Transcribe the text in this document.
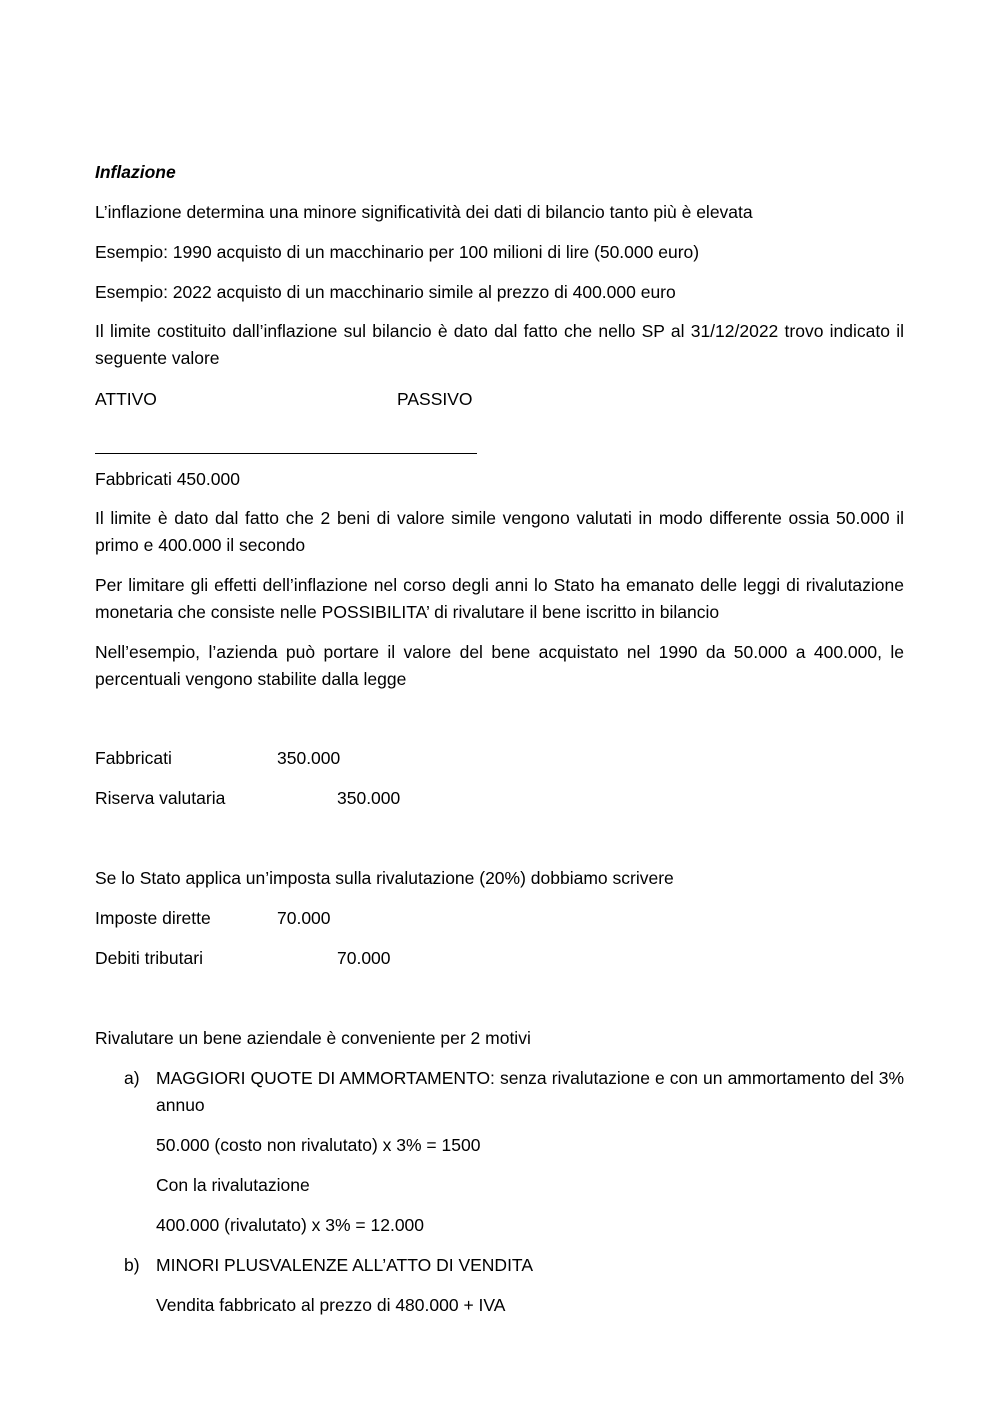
Inflazione
L’inflazione determina una minore significatività dei dati di bilancio tanto più è elevata
Esempio: 1990 acquisto di un macchinario per 100 milioni di lire (50.000 euro)
Esempio: 2022 acquisto di un macchinario simile al prezzo di 400.000 euro
Il limite costituito dall’inflazione sul bilancio è dato dal fatto che nello SP al 31/12/2022 trovo indicato il seguente valore
ATTIVO	PASSIVO
Fabbricati 450.000
Il limite è dato dal fatto che 2 beni di valore simile vengono valutati in modo differente ossia 50.000 il primo e 400.000 il secondo
Per limitare gli effetti dell’inflazione nel corso degli anni lo Stato ha emanato delle leggi di rivalutazione monetaria che consiste nelle POSSIBILITA’ di rivalutare il bene iscritto in bilancio
Nell’esempio, l’azienda può portare il valore del bene acquistato nel 1990 da 50.000 a 400.000, le percentuali vengono stabilite dalla legge
Fabbricati	350.000
Riserva valutaria	350.000
Se lo Stato applica un’imposta sulla rivalutazione (20%) dobbiamo scrivere
Imposte dirette	70.000
Debiti tributari	70.000
Rivalutare un bene aziendale è conveniente per 2 motivi
a) MAGGIORI QUOTE DI AMMORTAMENTO: senza rivalutazione e con un ammortamento del 3% annuo
50.000 (costo non rivalutato) x 3% = 1500
Con la rivalutazione
400.000 (rivalutato) x 3% = 12.000
b) MINORI PLUSVALENZE ALL’ATTO DI VENDITA
Vendita fabbricato al prezzo di 480.000 + IVA
